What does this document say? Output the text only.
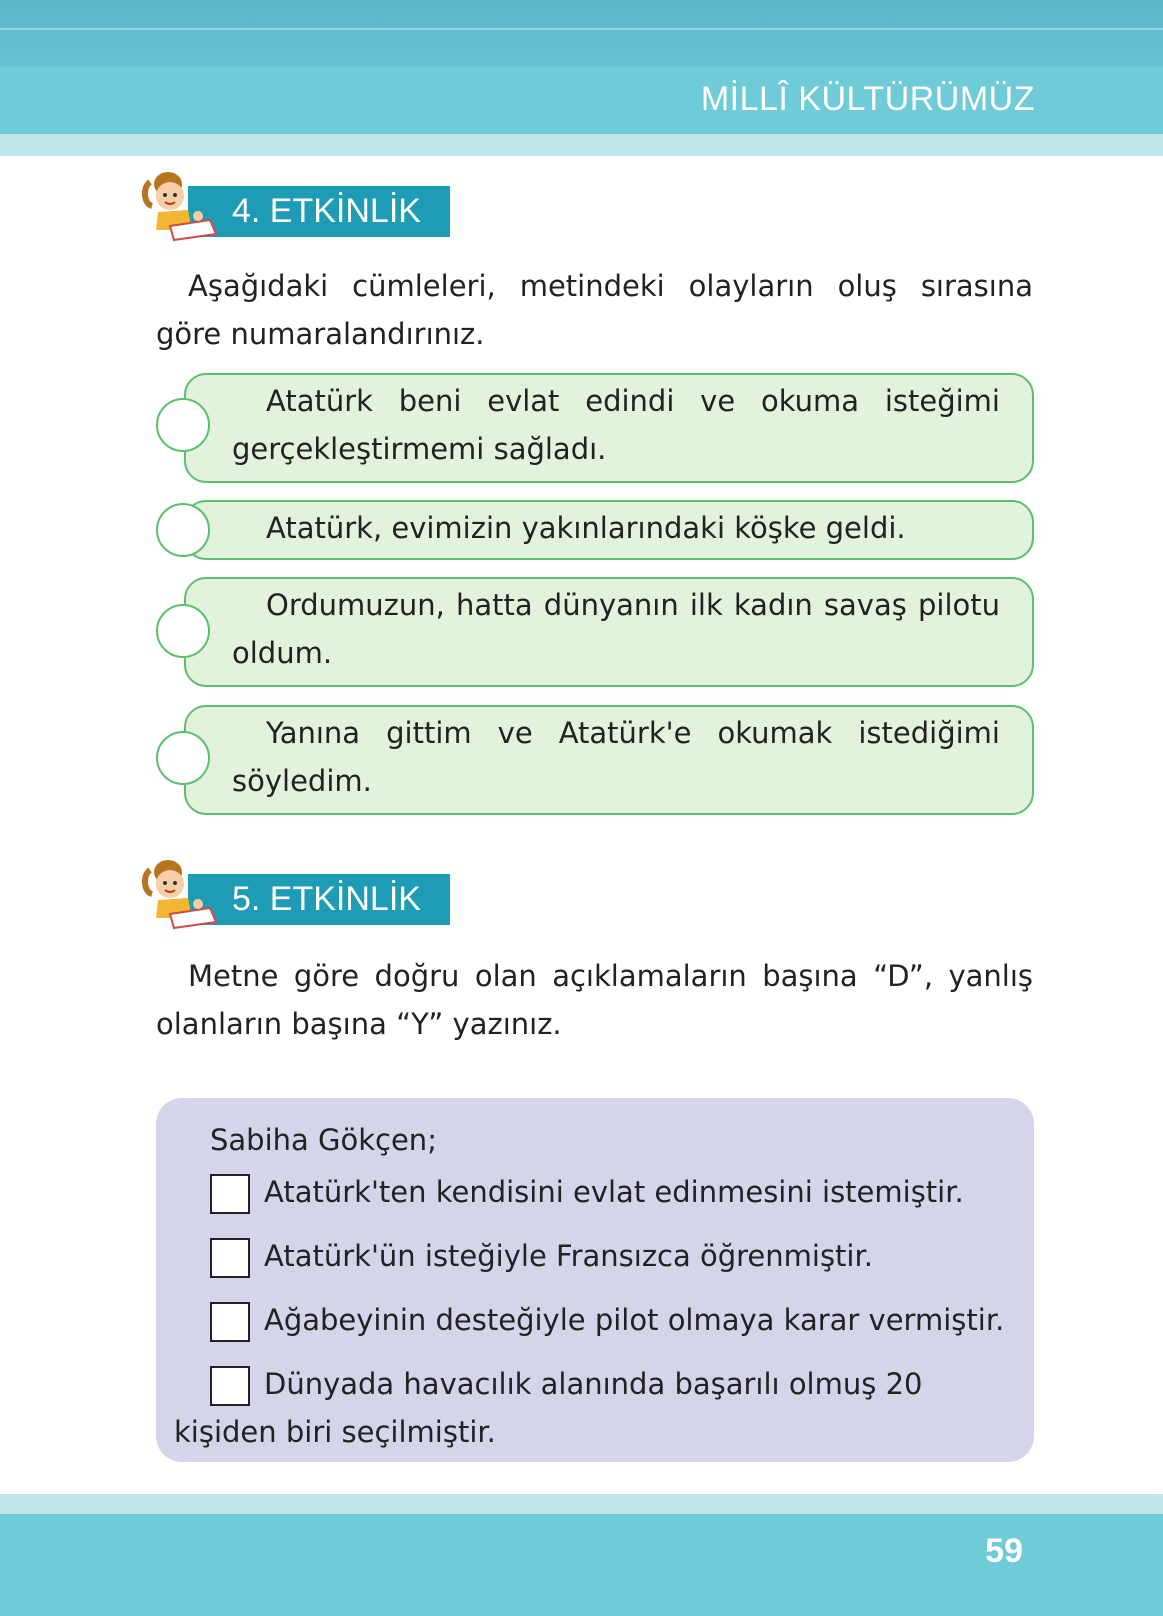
MİLLÎ KÜLTÜRÜMÜZ
4. ETKİNLİK
Aşağıdaki cümleleri, metindeki olayların oluş sırasına göre numaralandırınız.
Atatürk beni evlat edindi ve okuma isteğimi gerçekleştirmemi sağladı.
Atatürk, evimizin yakınlarındaki köşke geldi.
Ordumuzun, hatta dünyanın ilk kadın savaş pilotu oldum.
Yanına gittim ve Atatürk'e okumak istediğimi söyledim.
5. ETKİNLİK
Metne göre doğru olan açıklamaların başına “D”, yanlış olanların başına “Y” yazınız.
Sabiha Gökçen;
Atatürk'ten kendisini evlat edinmesini istemiştir.
Atatürk'ün isteğiyle Fransızca öğrenmiştir.
Ağabeyinin desteğiyle pilot olmaya karar vermiştir.
Dünyada havacılık alanında başarılı olmuş 20 kişiden biri seçilmiştir.
59
